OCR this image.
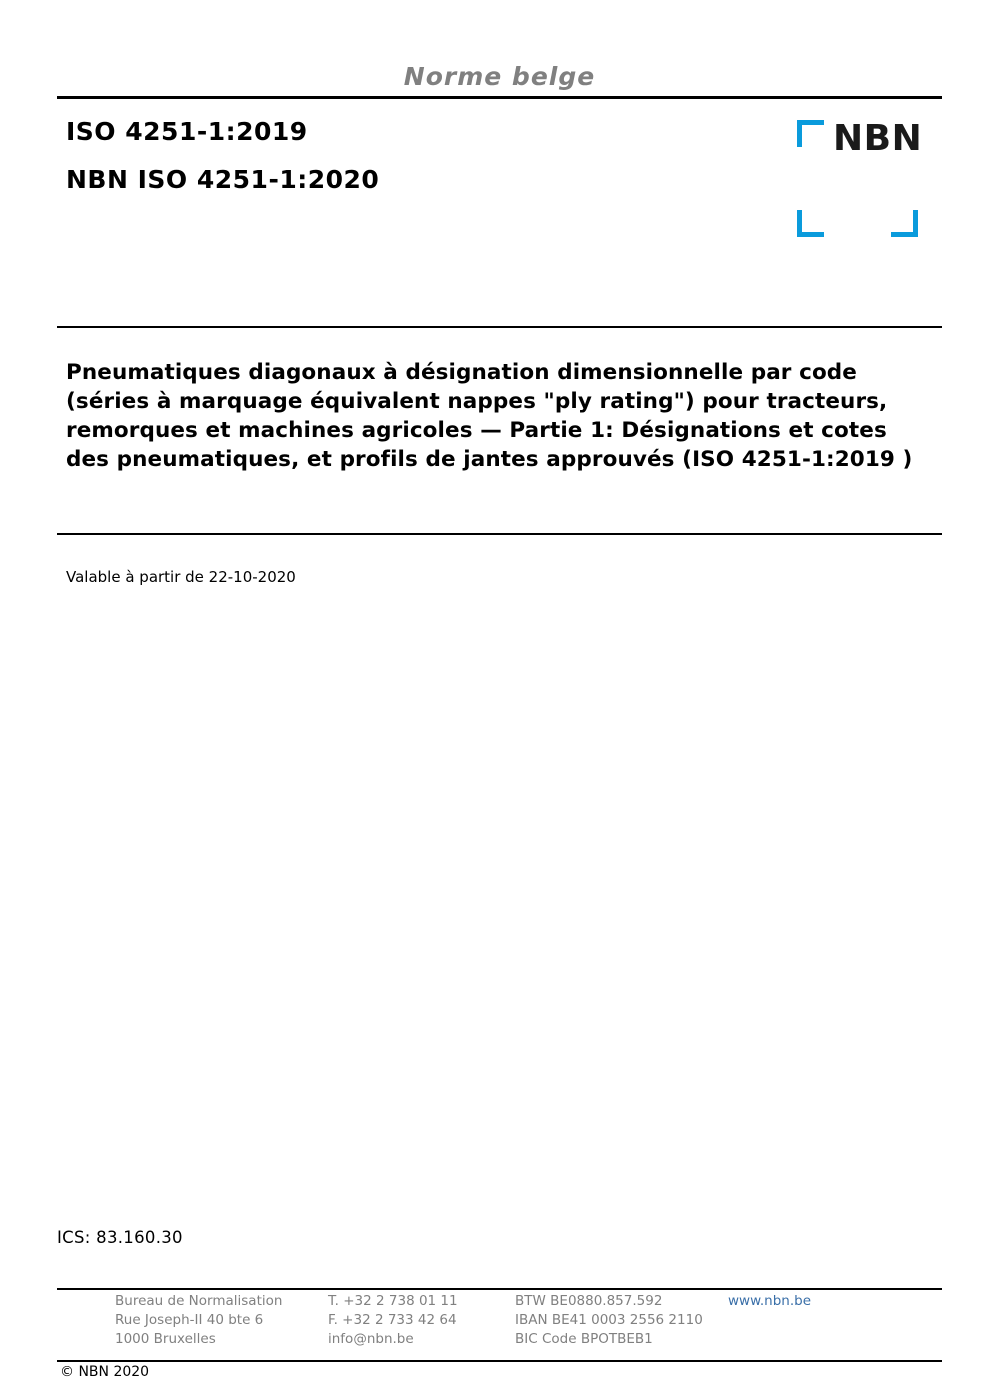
Norme belge
ISO 4251-1:2019
NBN ISO 4251-1:2020
NBN
Pneumatiques diagonaux à désignation dimensionnelle par code (séries à marquage équivalent nappes "ply rating") pour tracteurs, remorques et machines agricoles — Partie 1: Désignations et cotes des pneumatiques, et profils de jantes approuvés (ISO 4251-1:2019 )
Valable à partir de 22-10-2020
ICS: 83.160.30
Bureau de Normalisation
Rue Joseph-II 40 bte 6
1000 Bruxelles
T. +32 2 738 01 11
F. +32 2 733 42 64
info@nbn.be
BTW BE0880.857.592
IBAN BE41 0003 2556 2110
BIC Code BPOTBEB1
www.nbn.be
© NBN 2020
